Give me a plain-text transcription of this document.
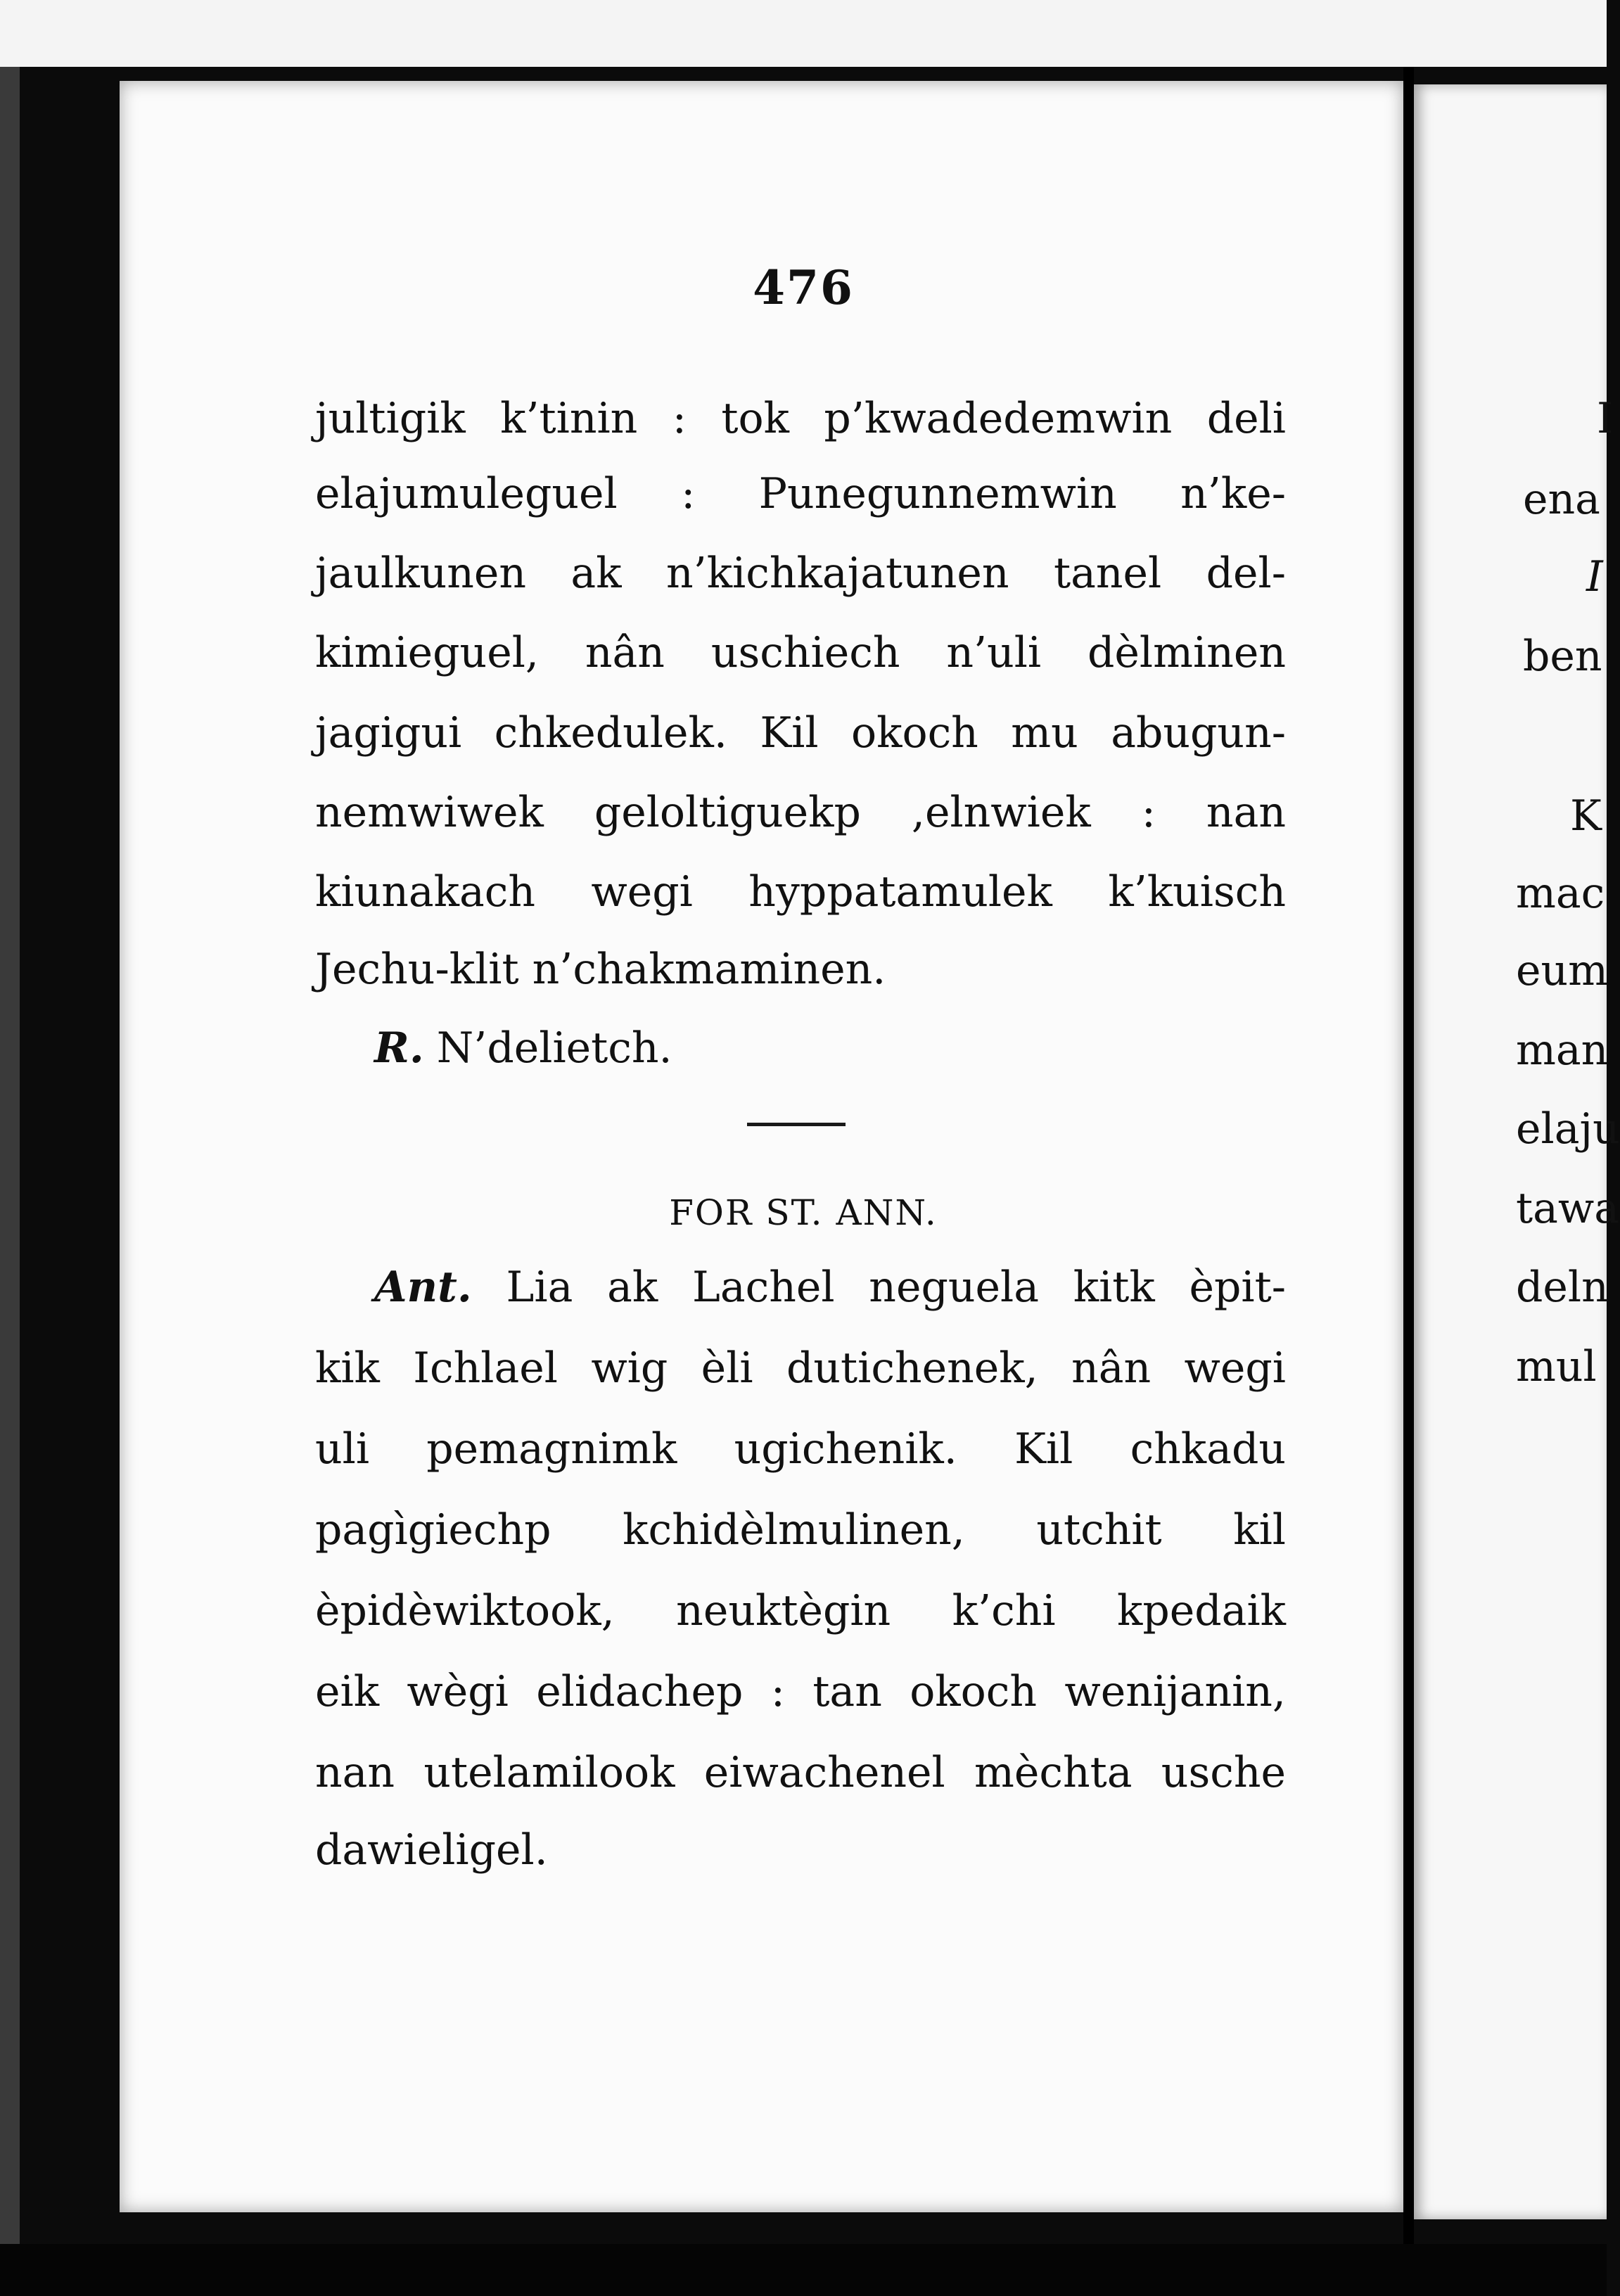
476
jultigik k’tinin : tok p’kwadedemwin deli
elajumuleguel : Punegunnemwin n’ke-
jaulkunen ak n’kichkajatunen tanel del-
kimieguel, nân uschiech n’uli dèlminen
jagigui chkedulek. Kil okoch mu abugun-
nemwiwek geloltiguekp ,elnwiek : nan
kiunakach wegi hyppatamulek k’kuisch
Jechu-klit n’chakmaminen.
R. N’delietch.
FOR ST. ANN.
Ant. Lia ak Lachel neguela kitk èpit-
kik Ichlael wig èli dutichenek, nân wegi
uli pemagnimk ugichenik. Kil chkadu
pagìgiechp kchidèlmulinen, utchit kil
èpidèwiktook, neuktègin k’chi kpedaik
eik wègi elidachep : tan okoch wenijanin,
nan utelamilook eiwachenel mèchta usche
dawieligel.
I
ena
I
ben
K
mac
eum
man
elaju
tawa
deln
mul
